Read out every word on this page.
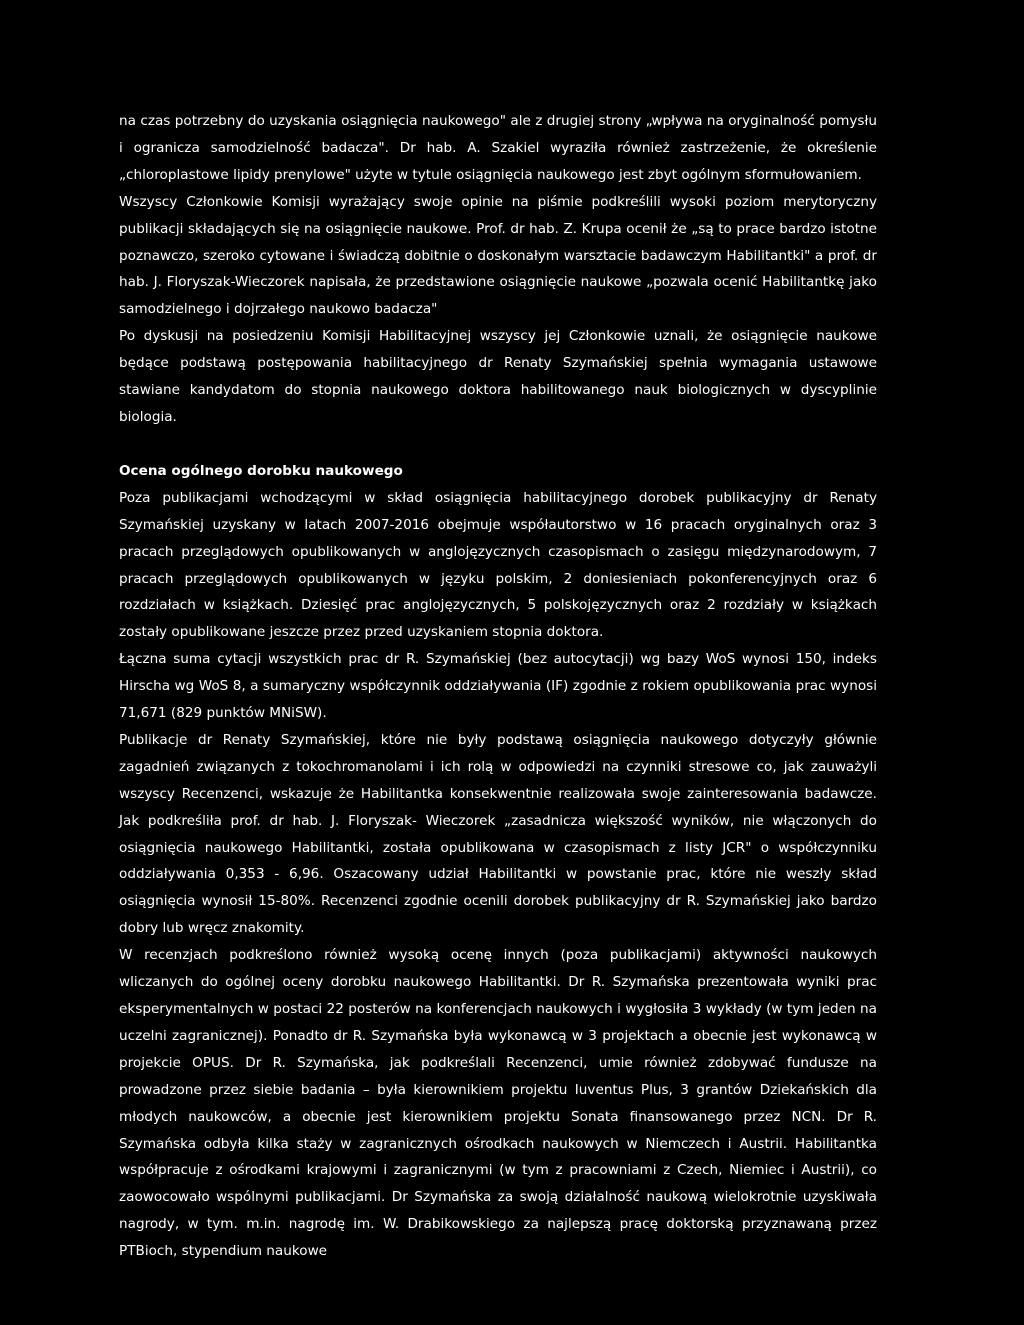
na czas potrzebny do uzyskania osiągnięcia naukowego" ale z drugiej strony „wpływa na oryginalność pomysłu i ogranicza samodzielność badacza". Dr hab. A. Szakiel wyraziła również zastrzeżenie, że określenie „chloroplastowe lipidy prenylowe" użyte w tytule osiągnięcia naukowego jest zbyt ogólnym sformułowaniem.

Wszyscy Członkowie Komisji wyrażający swoje opinie na piśmie podkreślili wysoki poziom merytoryczny publikacji składających się na osiągnięcie naukowe. Prof. dr hab. Z. Krupa ocenił że „są to prace bardzo istotne poznawczo, szeroko cytowane i świadczą dobitnie o doskonałym warsztacie badawczym Habilitantki" a prof. dr hab. J. Floryszak-Wieczorek napisała, że przedstawione osiągnięcie naukowe „pozwala ocenić Habilitantkę jako samodzielnego i dojrzałego naukowo badacza"

Po dyskusji na posiedzeniu Komisji Habilitacyjnej wszyscy jej Członkowie uznali, że osiągnięcie naukowe będące podstawą postępowania habilitacyjnego dr Renaty Szymańskiej spełnia wymagania ustawowe stawiane kandydatom do stopnia naukowego doktora habilitowanego nauk biologicznych w dyscyplinie biologia.

Ocena ogólnego dorobku naukowego

Poza publikacjami wchodzącymi w skład osiągnięcia habilitacyjnego dorobek publikacyjny dr Renaty Szymańskiej uzyskany w latach 2007-2016 obejmuje współautorstwo w 16 pracach oryginalnych oraz 3 pracach przeglądowych opublikowanych w anglojęzycznych czasopismach o zasięgu międzynarodowym, 7 pracach przeglądowych opublikowanych w języku polskim, 2 doniesieniach pokonferencyjnych oraz 6 rozdziałach w książkach. Dziesięć prac anglojęzycznych, 5 polskojęzycznych oraz 2 rozdziały w książkach zostały opublikowane jeszcze przez przed uzyskaniem stopnia doktora.

Łączna suma cytacji wszystkich prac dr R. Szymańskiej (bez autocytacji) wg bazy WoS wynosi 150, indeks Hirscha wg WoS 8, a sumaryczny współczynnik oddziaływania (IF) zgodnie z rokiem opublikowania prac wynosi 71,671 (829 punktów MNiSW).

Publikacje dr Renaty Szymańskiej, które nie były podstawą osiągnięcia naukowego dotyczyły głównie zagadnień związanych z tokochromanolami i ich rolą w odpowiedzi na czynniki stresowe co, jak zauważyli wszyscy Recenzenci, wskazuje że Habilitantka konsekwentnie realizowała swoje zainteresowania badawcze. Jak podkreśliła prof. dr hab. J. Floryszak- Wieczorek „zasadnicza większość wyników, nie włączonych do osiągnięcia naukowego Habilitantki, została opublikowana w czasopismach z listy JCR" o współczynniku oddziaływania 0,353 - 6,96. Oszacowany udział Habilitantki w powstanie prac, które nie weszły skład osiągnięcia wynosił 15-80%. Recenzenci zgodnie ocenili dorobek publikacyjny dr R. Szymańskiej jako bardzo dobry lub wręcz znakomity.

W recenzjach podkreślono również wysoką ocenę innych (poza publikacjami) aktywności naukowych wliczanych do ogólnej oceny dorobku naukowego Habilitantki. Dr R. Szymańska prezentowała wyniki prac eksperymentalnych w postaci 22 posterów na konferencjach naukowych i wygłosiła 3 wykłady (w tym jeden na uczelni zagranicznej). Ponadto dr R. Szymańska była wykonawcą w 3 projektach a obecnie jest wykonawcą w projekcie OPUS. Dr R. Szymańska, jak podkreślali Recenzenci, umie również zdobywać fundusze na prowadzone przez siebie badania – była kierownikiem projektu Iuventus Plus, 3 grantów Dziekańskich dla młodych naukowców, a obecnie jest kierownikiem projektu Sonata finansowanego przez NCN. Dr R. Szymańska odbyła kilka staży w zagranicznych ośrodkach naukowych w Niemczech i Austrii. Habilitantka współpracuje z ośrodkami krajowymi i zagranicznymi (w tym z pracowniami z Czech, Niemiec i Austrii), co zaowocowało wspólnymi publikacjami. Dr Szymańska za swoją działalność naukową wielokrotnie uzyskiwała nagrody, w tym. m.in. nagrodę im. W. Drabikowskiego za najlepszą pracę doktorską przyznawaną przez PTBioch, stypendium naukowe
